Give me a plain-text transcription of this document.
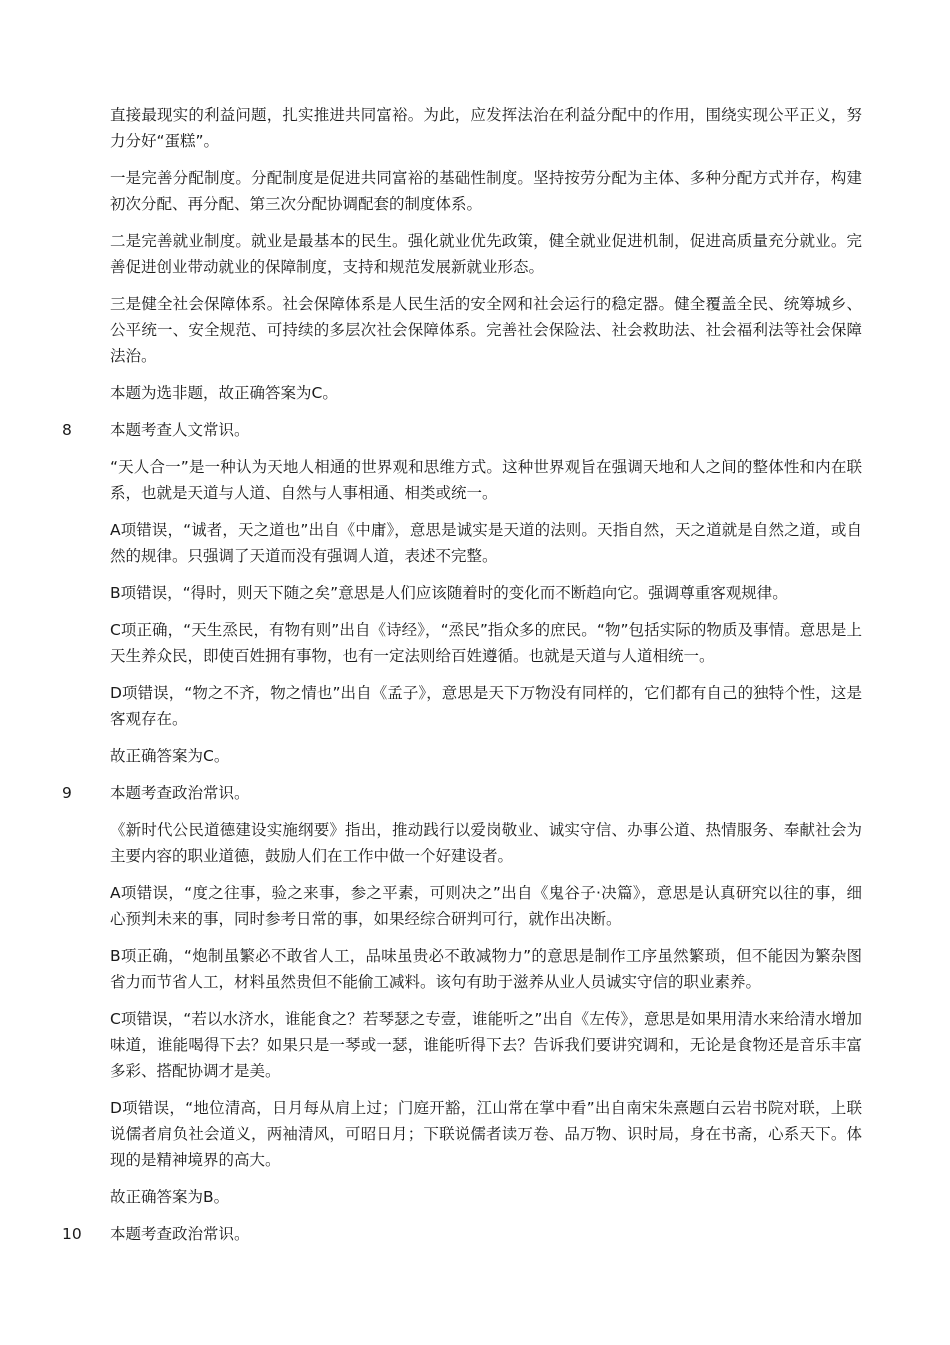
直接最现实的利益问题，扎实推进共同富裕。为此，应发挥法治在利益分配中的作用，围绕实现公平正义，努力分好“蛋糕”。

一是完善分配制度。分配制度是促进共同富裕的基础性制度。坚持按劳分配为主体、多种分配方式并存，构建初次分配、再分配、第三次分配协调配套的制度体系。

二是完善就业制度。就业是最基本的民生。强化就业优先政策，健全就业促进机制，促进高质量充分就业。完善促进创业带动就业的保障制度，支持和规范发展新就业形态。

三是健全社会保障体系。社会保障体系是人民生活的安全网和社会运行的稳定器。健全覆盖全民、统筹城乡、公平统一、安全规范、可持续的多层次社会保障体系。完善社会保险法、社会救助法、社会福利法等社会保障法治。

本题为选非题，故正确答案为C。

8 本题考查人文常识。

“天人合一”是一种认为天地人相通的世界观和思维方式。这种世界观旨在强调天地和人之间的整体性和内在联系，也就是天道与人道、自然与人事相通、相类或统一。

A项错误，“诚者，天之道也”出自《中庸》，意思是诚实是天道的法则。天指自然，天之道就是自然之道，或自然的规律。只强调了天道而没有强调人道，表述不完整。

B项错误，“得时，则天下随之矣”意思是人们应该随着时的变化而不断趋向它。强调尊重客观规律。

C项正确，“天生烝民，有物有则”出自《诗经》，“烝民”指众多的庶民。“物”包括实际的物质及事情。意思是上天生养众民，即使百姓拥有事物，也有一定法则给百姓遵循。也就是天道与人道相统一。

D项错误，“物之不齐，物之情也”出自《孟子》，意思是天下万物没有同样的，它们都有自己的独特个性，这是客观存在。

故正确答案为C。

9 本题考查政治常识。

《新时代公民道德建设实施纲要》指出，推动践行以爱岗敬业、诚实守信、办事公道、热情服务、奉献社会为主要内容的职业道德，鼓励人们在工作中做一个好建设者。

A项错误，“度之往事，验之来事，参之平素，可则决之”出自《鬼谷子·决篇》，意思是认真研究以往的事，细心预判未来的事，同时参考日常的事，如果经综合研判可行，就作出决断。

B项正确，“炮制虽繁必不敢省人工，品味虽贵必不敢减物力”的意思是制作工序虽然繁琐，但不能因为繁杂图省力而节省人工，材料虽然贵但不能偷工减料。该句有助于滋养从业人员诚实守信的职业素养。

C项错误，“若以水济水，谁能食之？若琴瑟之专壹，谁能听之”出自《左传》，意思是如果用清水来给清水增加味道，谁能喝得下去？如果只是一琴或一瑟，谁能听得下去？告诉我们要讲究调和，无论是食物还是音乐丰富多彩、搭配协调才是美。

D项错误，“地位清高，日月每从肩上过；门庭开豁，江山常在掌中看”出自南宋朱熹题白云岩书院对联，上联说儒者肩负社会道义，两袖清风，可昭日月；下联说儒者读万卷、品万物、识时局，身在书斋，心系天下。体现的是精神境界的高大。

故正确答案为B。

10 本题考查政治常识。
